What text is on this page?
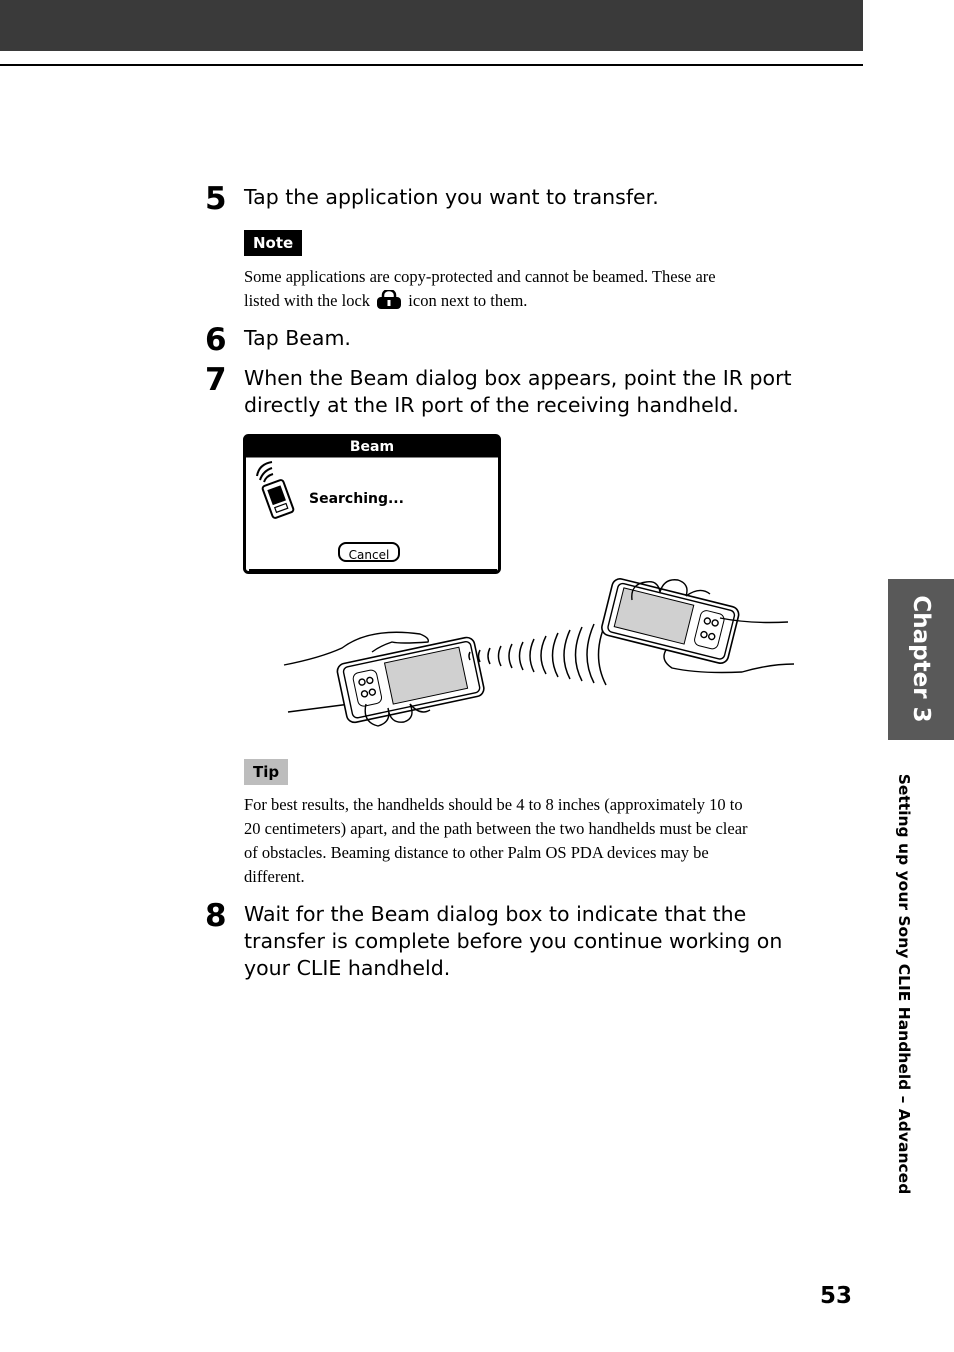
5 Tap the application you want to transfer.
Note
Some applications are copy-protected and cannot be beamed. These are
listed with the lock icon next to them.
6 Tap Beam.
7 When the Beam dialog box appears, point the IR port
directly at the IR port of the receiving handheld.
Beam
Searching...
Cancel
Tip
For best results, the handhelds should be 4 to 8 inches (approximately 10 to
20 centimeters) apart, and the path between the two handhelds must be clear
of obstacles. Beaming distance to other Palm OS PDA devices may be
different.
8 Wait for the Beam dialog box to indicate that the
transfer is complete before you continue working on
your CLIE handheld.
Chapter 3
Setting up your Sony CLIE Handheld – Advanced
53
